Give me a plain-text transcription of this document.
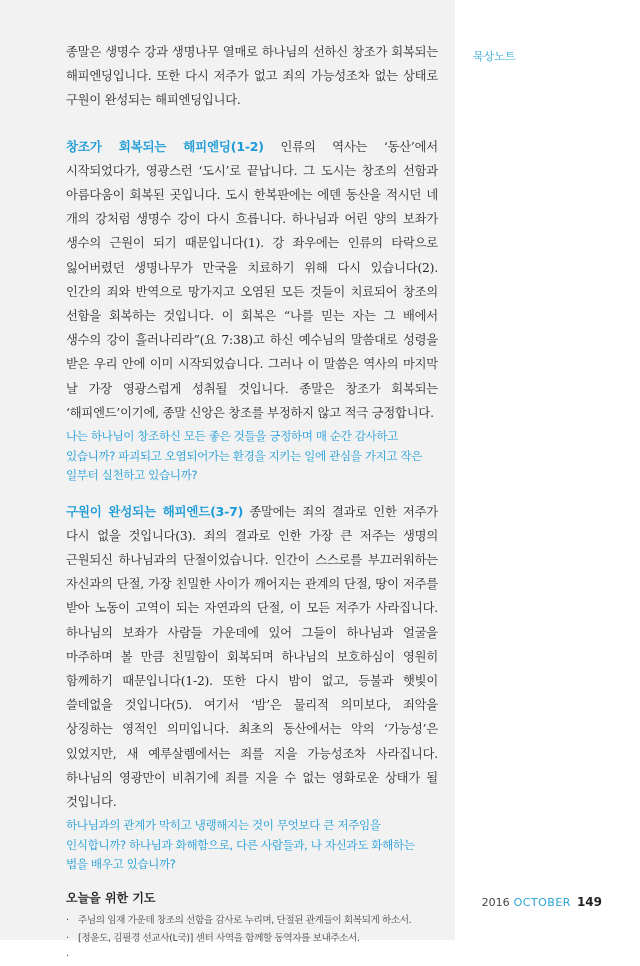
묵상노트

종말은 생명수 강과 생명나무 열매로 하나님의 선하신 창조가 회복되는 해피엔딩입니다. 또한 다시 저주가 없고 죄의 가능성조차 없는 상태로 구원이 완성되는 해피엔딩입니다.

창조가 회복되는 해피엔딩(1-2) 인류의 역사는 ‘동산’에서 시작되었다가, 영광스런 ‘도시’로 끝납니다. 그 도시는 창조의 선함과 아름다움이 회복된 곳입니다. 도시 한복판에는 에덴 동산을 적시던 네 개의 강처럼 생명수 강이 다시 흐릅니다. 하나님과 어린 양의 보좌가 생수의 근원이 되기 때문입니다(1). 강 좌우에는 인류의 타락으로 잃어버렸던 생명나무가 만국을 치료하기 위해 다시 있습니다(2). 인간의 죄와 반역으로 망가지고 오염된 모든 것들이 치료되어 창조의 선함을 회복하는 것입니다. 이 회복은 “나를 믿는 자는 그 배에서 생수의 강이 흘러나리라”(요 7:38)고 하신 예수님의 말씀대로 성령을 받은 우리 안에 이미 시작되었습니다. 그러나 이 말씀은 역사의 마지막 날 가장 영광스럽게 성취될 것입니다. 종말은 창조가 회복되는 ‘해피엔드’이기에, 종말 신앙은 창조를 부정하지 않고 적극 긍정합니다.

나는 하나님이 창조하신 모든 좋은 것들을 긍정하며 매 순간 감사하고 있습니까? 파괴되고 오염되어가는 환경을 지키는 일에 관심을 가지고 작은 일부터 실천하고 있습니까?

구원이 완성되는 해피엔드(3-7) 종말에는 죄의 결과로 인한 저주가 다시 없을 것입니다(3). 죄의 결과로 인한 가장 큰 저주는 생명의 근원되신 하나님과의 단절이었습니다. 인간이 스스로를 부끄러워하는 자신과의 단절, 가장 친밀한 사이가 깨어지는 관계의 단절, 땅이 저주를 받아 노동이 고역이 되는 자연과의 단절, 이 모든 저주가 사라집니다. 하나님의 보좌가 사람들 가운데에 있어 그들이 하나님과 얼굴을 마주하며 볼 만큼 친밀함이 회복되며 하나님의 보호하심이 영원히 함께하기 때문입니다(1-2). 또한 다시 밤이 없고, 등불과 햇빛이 쓸데없을 것입니다(5). 여기서 ‘밤’은 물리적 의미보다, 죄악을 상징하는 영적인 의미입니다. 최초의 동산에서는 악의 ‘가능성’은 있었지만, 새 예루살렘에서는 죄를 지을 가능성조차 사라집니다. 하나님의 영광만이 비취기에 죄를 지을 수 없는 영화로운 상태가 될 것입니다.

하나님과의 관계가 막히고 냉랭해지는 것이 무엇보다 큰 저주임을 인식합니까? 하나님과 화해함으로, 다른 사람들과, 나 자신과도 화해하는 법을 배우고 있습니까?

오늘을 위한 기도
· 주님의 임재 가운데 창조의 선함을 감사로 누리며, 단절된 관계들이 회복되게 하소서.
· [정윤도, 김필경 선교사(L국)] 센터 사역을 함께할 동역자를 보내주소서.
·
2016 OCTOBER 149
